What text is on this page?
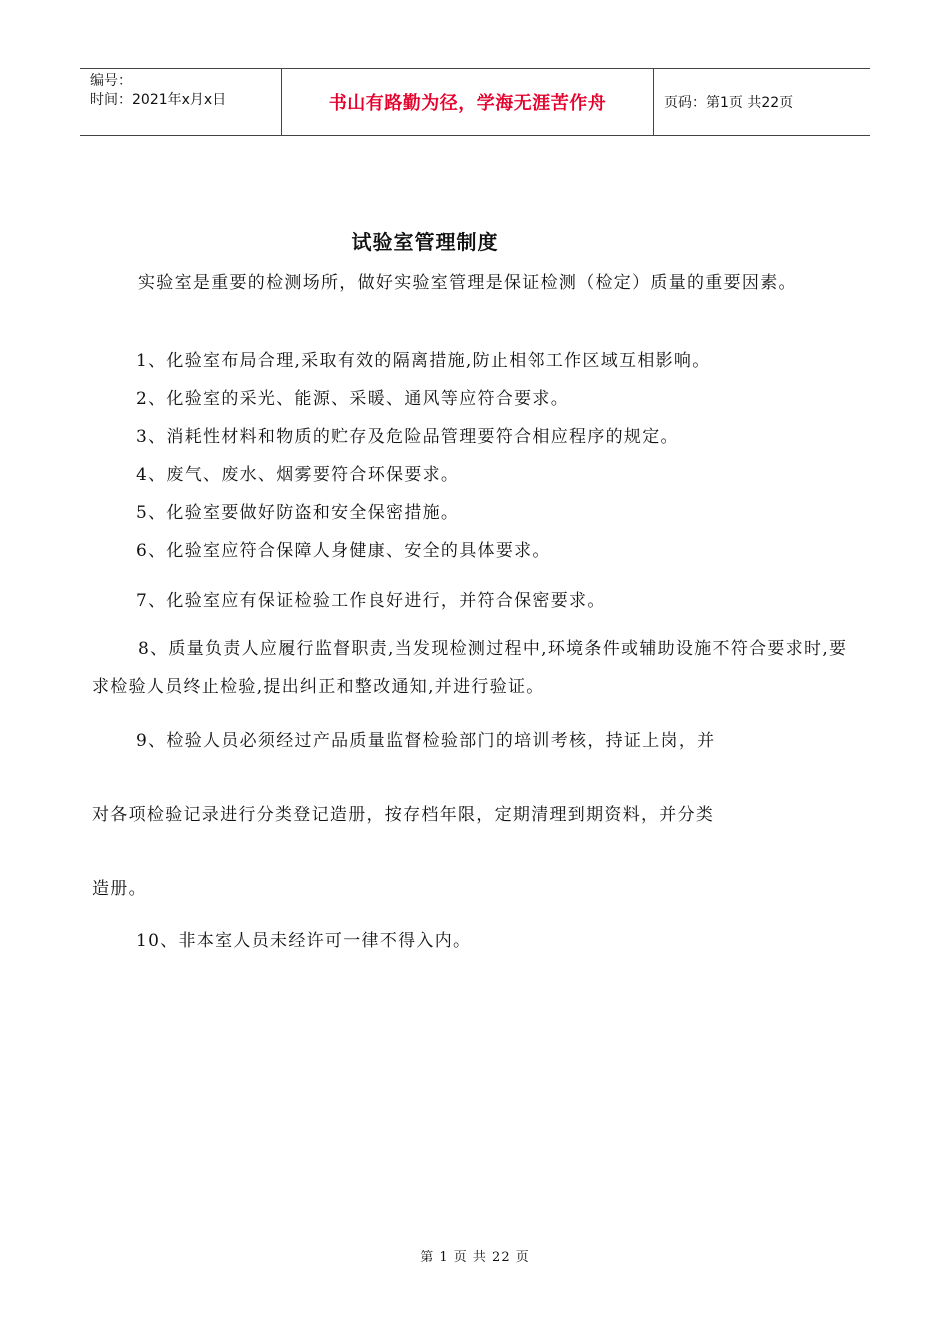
编号：
时间：2021年x月x日	书山有路勤为径，学海无涯苦作舟	页码：第1页 共22页
试验室管理制度

实验室是重要的检测场所，做好实验室管理是保证检测（检定）质量的重要因素。

1、化验室布局合理,采取有效的隔离措施,防止相邻工作区域互相影响。

2、化验室的采光、能源、采暖、通风等应符合要求。

3、消耗性材料和物质的贮存及危险品管理要符合相应程序的规定。

4、废气、废水、烟雾要符合环保要求。

5、化验室要做好防盗和安全保密措施。

6、化验室应符合保障人身健康、安全的具体要求。

7、化验室应有保证检验工作良好进行，并符合保密要求。

8、质量负责人应履行监督职责,当发现检测过程中,环境条件或辅助设施不符合要求时,要求检验人员终止检验,提出纠正和整改通知,并进行验证。

9、检验人员必须经过产品质量监督检验部门的培训考核，持证上岗，并

对各项检验记录进行分类登记造册，按存档年限，定期清理到期资料，并分类

造册。

10、非本室人员未经许可一律不得入内。

第 1 页 共 22 页
